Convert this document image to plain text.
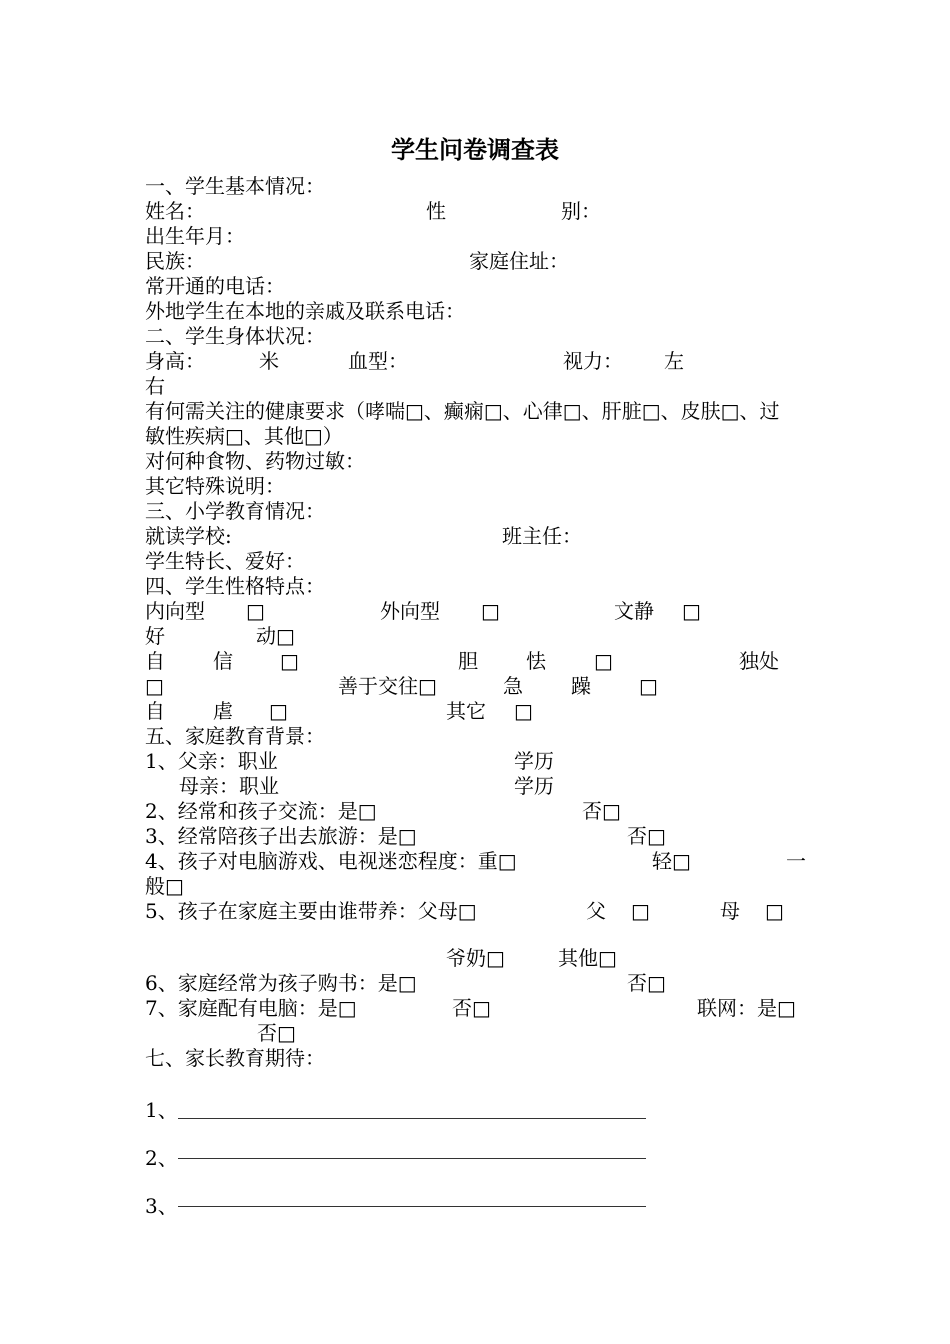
学生问卷调查表
一、学生基本情况：
姓名：	性	别：
出生年月：
民族：	家庭住址：
常开通的电话：
外地学生在本地的亲戚及联系电话：
二、学生身体状况：
身高：	米	血型：	视力： 左
右
有何需关注的健康要求（哮喘□、癫痫□、心律□、肝脏□、皮肤□、过
敏性疾病□、其他□）
对何种食物、药物过敏：
其它特殊说明：
三、小学教育情况：
就读学校:	班主任：
学生特长、爱好：
四、学生性格特点：
内向型 □	外向型 □	文静 □
好	动□
自 信 □	胆 怯 □	独处
□	善于交往□	急 躁 □
自 虐 □	其它 □
五、家庭教育背景：
1、父亲：职业	学历
母亲：职业	学历
2、经常和孩子交流：是□	否□
3、经常陪孩子出去旅游：是□	否□
4、孩子对电脑游戏、电视迷恋程度：重□	轻□	一
般□
5、孩子在家庭主要由谁带养：父母□	父 □	母 □
爷奶□	其他□
6、家庭经常为孩子购书：是□	否□
7、家庭配有电脑：是□	否□	联网：是□
否□
七、家长教育期待：
1、
2、
3、
